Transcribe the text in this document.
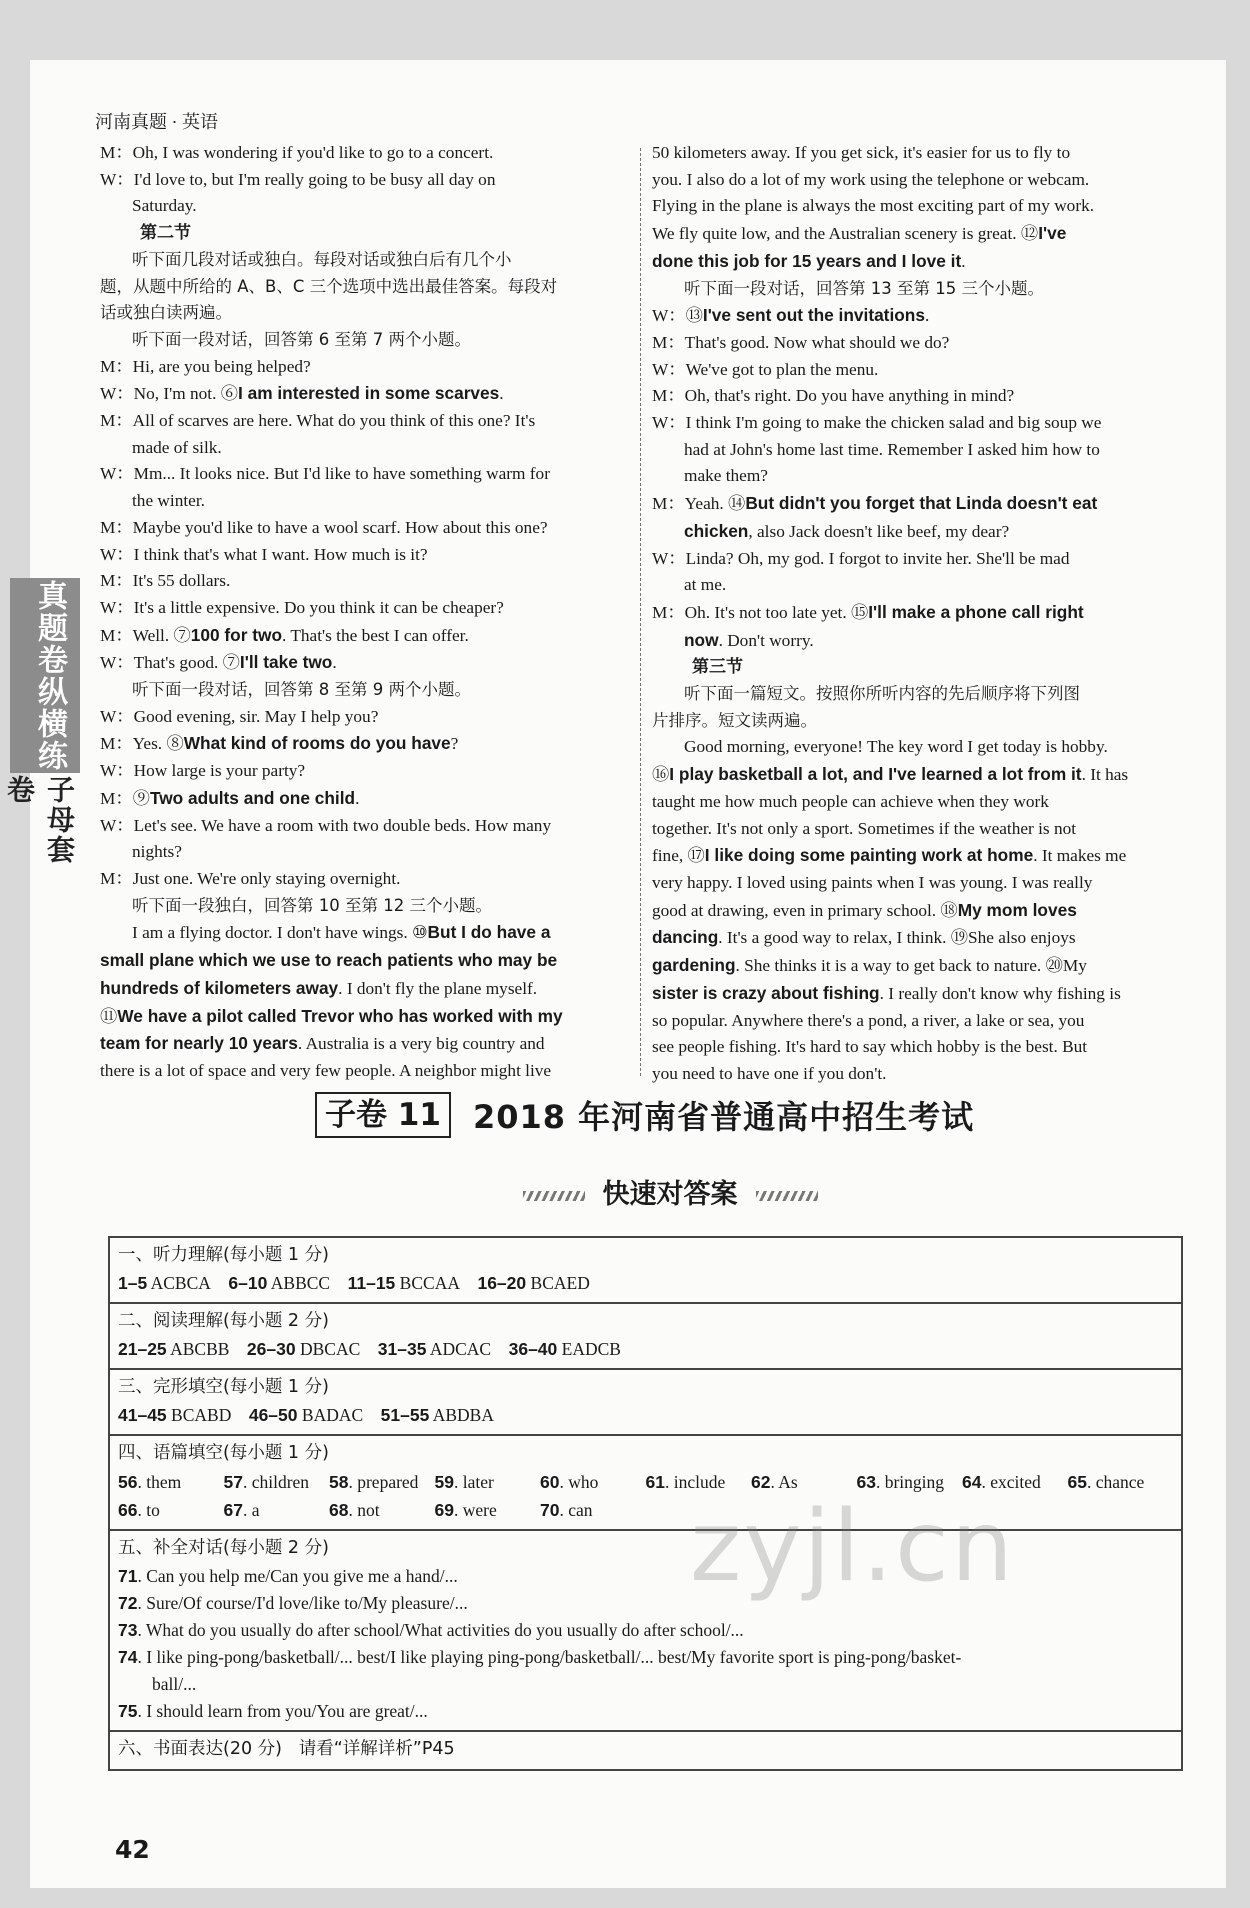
河南真题 · 英语
真题卷纵横练
子母套卷
M：Oh, I was wondering if you'd like to go to a concert.
W：I'd love to, but I'm really going to be busy all day on
Saturday.
第二节
听下面几段对话或独白。每段对话或独白后有几个小
题，从题中所给的 A、B、C 三个选项中选出最佳答案。每段对
话或独白读两遍。
听下面一段对话，回答第 6 至第 7 两个小题。
M：Hi, are you being helped?
W：No, I'm not. ⑥I am interested in some scarves.
M：All of scarves are here. What do you think of this one? It's
made of silk.
W：Mm... It looks nice. But I'd like to have something warm for
the winter.
M：Maybe you'd like to have a wool scarf. How about this one?
W：I think that's what I want. How much is it?
M：It's 55 dollars.
W：It's a little expensive. Do you think it can be cheaper?
M：Well. ⑦100 for two. That's the best I can offer.
W：That's good. ⑦I'll take two.
听下面一段对话，回答第 8 至第 9 两个小题。
W：Good evening, sir. May I help you?
M：Yes. ⑧What kind of rooms do you have?
W：How large is your party?
M：⑨Two adults and one child.
W：Let's see. We have a room with two double beds. How many
nights?
M：Just one. We're only staying overnight.
听下面一段独白，回答第 10 至第 12 三个小题。
I am a flying doctor. I don't have wings. ⑩But I do have a
small plane which we use to reach patients who may be
hundreds of kilometers away. I don't fly the plane myself.
⑪We have a pilot called Trevor who has worked with my
team for nearly 10 years. Australia is a very big country and
there is a lot of space and very few people. A neighbor might live
50 kilometers away. If you get sick, it's easier for us to fly to
you. I also do a lot of my work using the telephone or webcam.
Flying in the plane is always the most exciting part of my work.
We fly quite low, and the Australian scenery is great. ⑫I've
done this job for 15 years and I love it.
听下面一段对话，回答第 13 至第 15 三个小题。
W：⑬I've sent out the invitations.
M：That's good. Now what should we do?
W：We've got to plan the menu.
M：Oh, that's right. Do you have anything in mind?
W：I think I'm going to make the chicken salad and big soup we
had at John's home last time. Remember I asked him how to
make them?
M：Yeah. ⑭But didn't you forget that Linda doesn't eat
chicken, also Jack doesn't like beef, my dear?
W：Linda? Oh, my god. I forgot to invite her. She'll be mad
at me.
M：Oh. It's not too late yet. ⑮I'll make a phone call right
now. Don't worry.
第三节
听下面一篇短文。按照你所听内容的先后顺序将下列图
片排序。短文读两遍。
Good morning, everyone! The key word I get today is hobby.
⑯I play basketball a lot, and I've learned a lot from it. It has
taught me how much people can achieve when they work
together. It's not only a sport. Sometimes if the weather is not
fine, ⑰I like doing some painting work at home. It makes me
very happy. I loved using paints when I was young. I was really
good at drawing, even in primary school. ⑱My mom loves
dancing. It's a good way to relax, I think. ⑲She also enjoys
gardening. She thinks it is a way to get back to nature. ⑳My
sister is crazy about fishing. I really don't know why fishing is
so popular. Anywhere there's a pond, a river, a lake or sea, you
see people fishing. It's hard to say which hobby is the best. But
you need to have one if you don't.
子卷 11 2018 年河南省普通高中招生考试
快速对答案
一、听力理解(每小题 1 分)
1–5 ACBCA    6–10 ABBCC    11–15 BCCAA    16–20 BCAED
二、阅读理解(每小题 2 分)
21–25 ABCBB    26–30 DBCAC    31–35 ADCAC    36–40 EADCB
三、完形填空(每小题 1 分)
41–45 BCABD    46–50 BADAC    51–55 ABDBA
四、语篇填空(每小题 1 分)
56. them	57. children	58. prepared 59. later	60. who	61. include	62. As	63. bringing	64. excited	65. chance
66. to	67. a	68. not	69. were	70. can
五、补全对话(每小题 2 分)
71. Can you help me/Can you give me a hand/...
72. Sure/Of course/I'd love/like to/My pleasure/...
73. What do you usually do after school/What activities do you usually do after school/...
74. I like ping-pong/basketball/... best/I like playing ping-pong/basketball/... best/My favorite sport is ping-pong/basket-
ball/...
75. I should learn from you/You are great/...
六、书面表达(20 分) 请看“详解详析”P45
zyjl.cn
42
